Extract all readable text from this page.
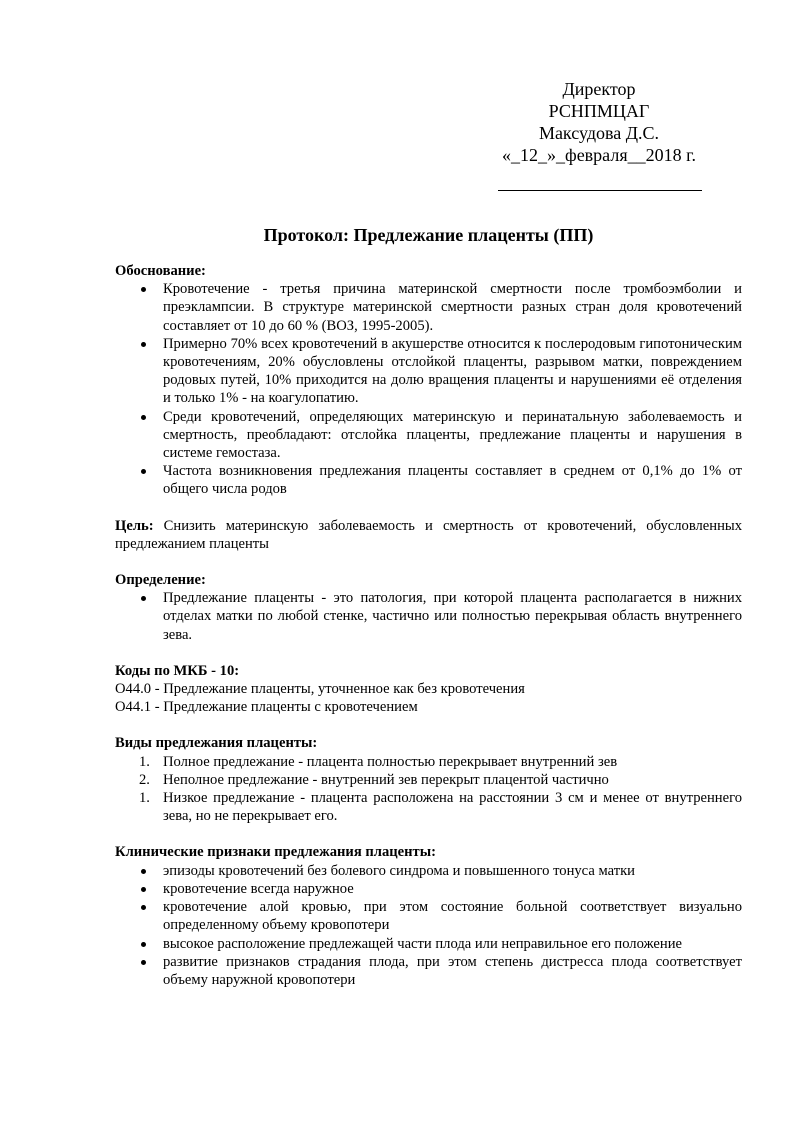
Директор
РСНПМЦАГ
Максудова Д.С.
«_12_»_февраля__2018 г.
Протокол: Предлежание плаценты (ПП)

Обоснование:

Кровотечение - третья причина материнской смертности после тромбоэмболии и преэклампсии. В структуре материнской смертности разных стран доля кровотечений составляет от 10 до 60 % (ВОЗ, 1995-2005).
Примерно 70% всех кровотечений в акушерстве относится к послеродовым гипотоническим кровотечениям, 20% обусловлены отслойкой плаценты, разрывом матки, повреждением родовых путей, 10% приходится на долю вращения плаценты и нарушениями её отделения и только 1% - на коагулопатию.
Среди кровотечений, определяющих материнскую и перинатальную заболеваемость и смертность, преобладают: отслойка плаценты, предлежание плаценты и нарушения в системе гемостаза.
Частота возникновения предлежания плаценты составляет в среднем от 0,1% до 1% от общего числа родов

Цель: Снизить материнскую заболеваемость и смертность от кровотечений, обусловленных предлежанием плаценты

Определение:

Предлежание плаценты - это патология, при которой плацента располагается в нижних отделах матки по любой стенке, частично или полностью перекрывая область внутреннего зева.

Коды по МКБ - 10:

О44.0 - Предлежание плаценты, уточненное как без кровотечения

О44.1 - Предлежание плаценты с кровотечением

Виды предлежания плаценты:

1. Полное предлежание - плацента полностью перекрывает внутренний зев
2. Неполное предлежание - внутренний зев перекрыт плацентой частично
1. Низкое предлежание - плацента расположена на расстоянии 3 см и менее от внутреннего зева, но не перекрывает его.

Клинические признаки предлежания плаценты:

эпизоды кровотечений без болевого синдрома и повышенного тонуса матки
кровотечение всегда наружное
кровотечение алой кровью, при этом состояние больной соответствует визуально определенному объему кровопотери
высокое расположение предлежащей части плода или неправильное его положение
развитие признаков страдания плода, при этом степень дистресса плода соответствует объему наружной кровопотери
